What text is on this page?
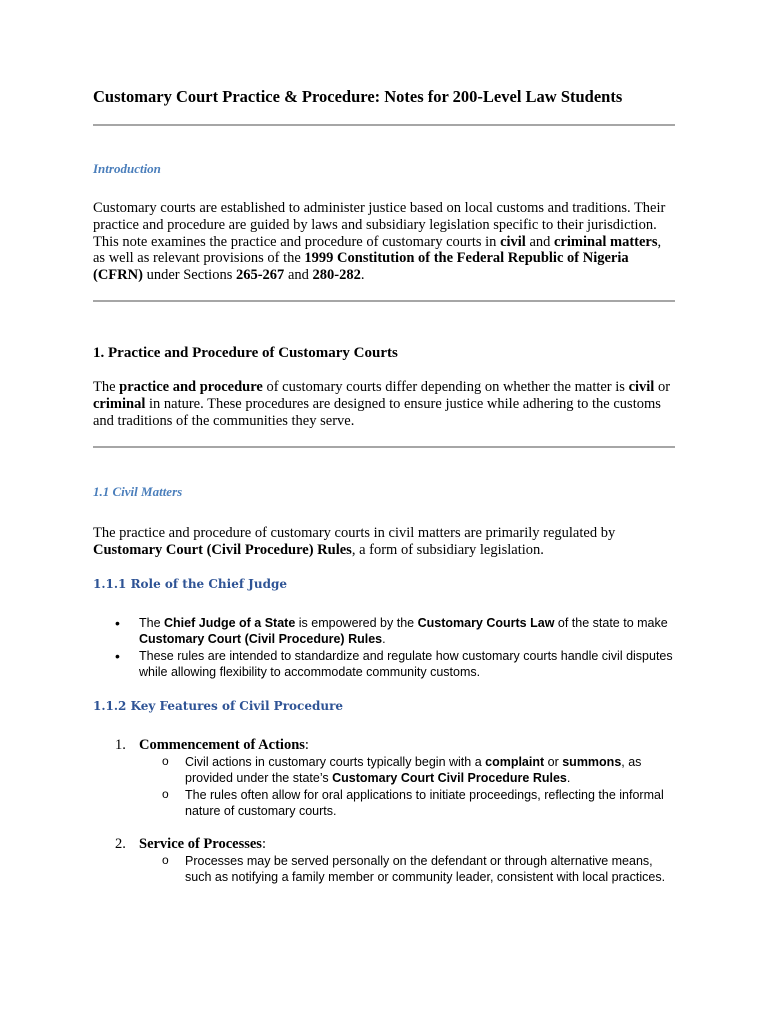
Customary Court Practice & Procedure: Notes for 200-Level Law Students
Introduction

Customary courts are established to administer justice based on local customs and traditions. Their practice and procedure are guided by laws and subsidiary legislation specific to their jurisdiction. This note examines the practice and procedure of customary courts in civil and criminal matters, as well as relevant provisions of the 1999 Constitution of the Federal Republic of Nigeria (CFRN) under Sections 265-267 and 280-282.

1. Practice and Procedure of Customary Courts

The practice and procedure of customary courts differ depending on whether the matter is civil or criminal in nature. These procedures are designed to ensure justice while adhering to the customs and traditions of the communities they serve.

1.1 Civil Matters

The practice and procedure of customary courts in civil matters are primarily regulated by Customary Court (Civil Procedure) Rules, a form of subsidiary legislation.

1.1.1 Role of the Chief Judge
• The Chief Judge of a State is empowered by the Customary Courts Law of the state to make Customary Court (Civil Procedure) Rules.
• These rules are intended to standardize and regulate how customary courts handle civil disputes while allowing flexibility to accommodate community customs.
1.1.2 Key Features of Civil Procedure
1. Commencement of Actions:
o Civil actions in customary courts typically begin with a complaint or summons, as provided under the state’s Customary Court Civil Procedure Rules.
o The rules often allow for oral applications to initiate proceedings, reflecting the informal nature of customary courts.
2. Service of Processes:
o Processes may be served personally on the defendant or through alternative means, such as notifying a family member or community leader, consistent with local practices.
